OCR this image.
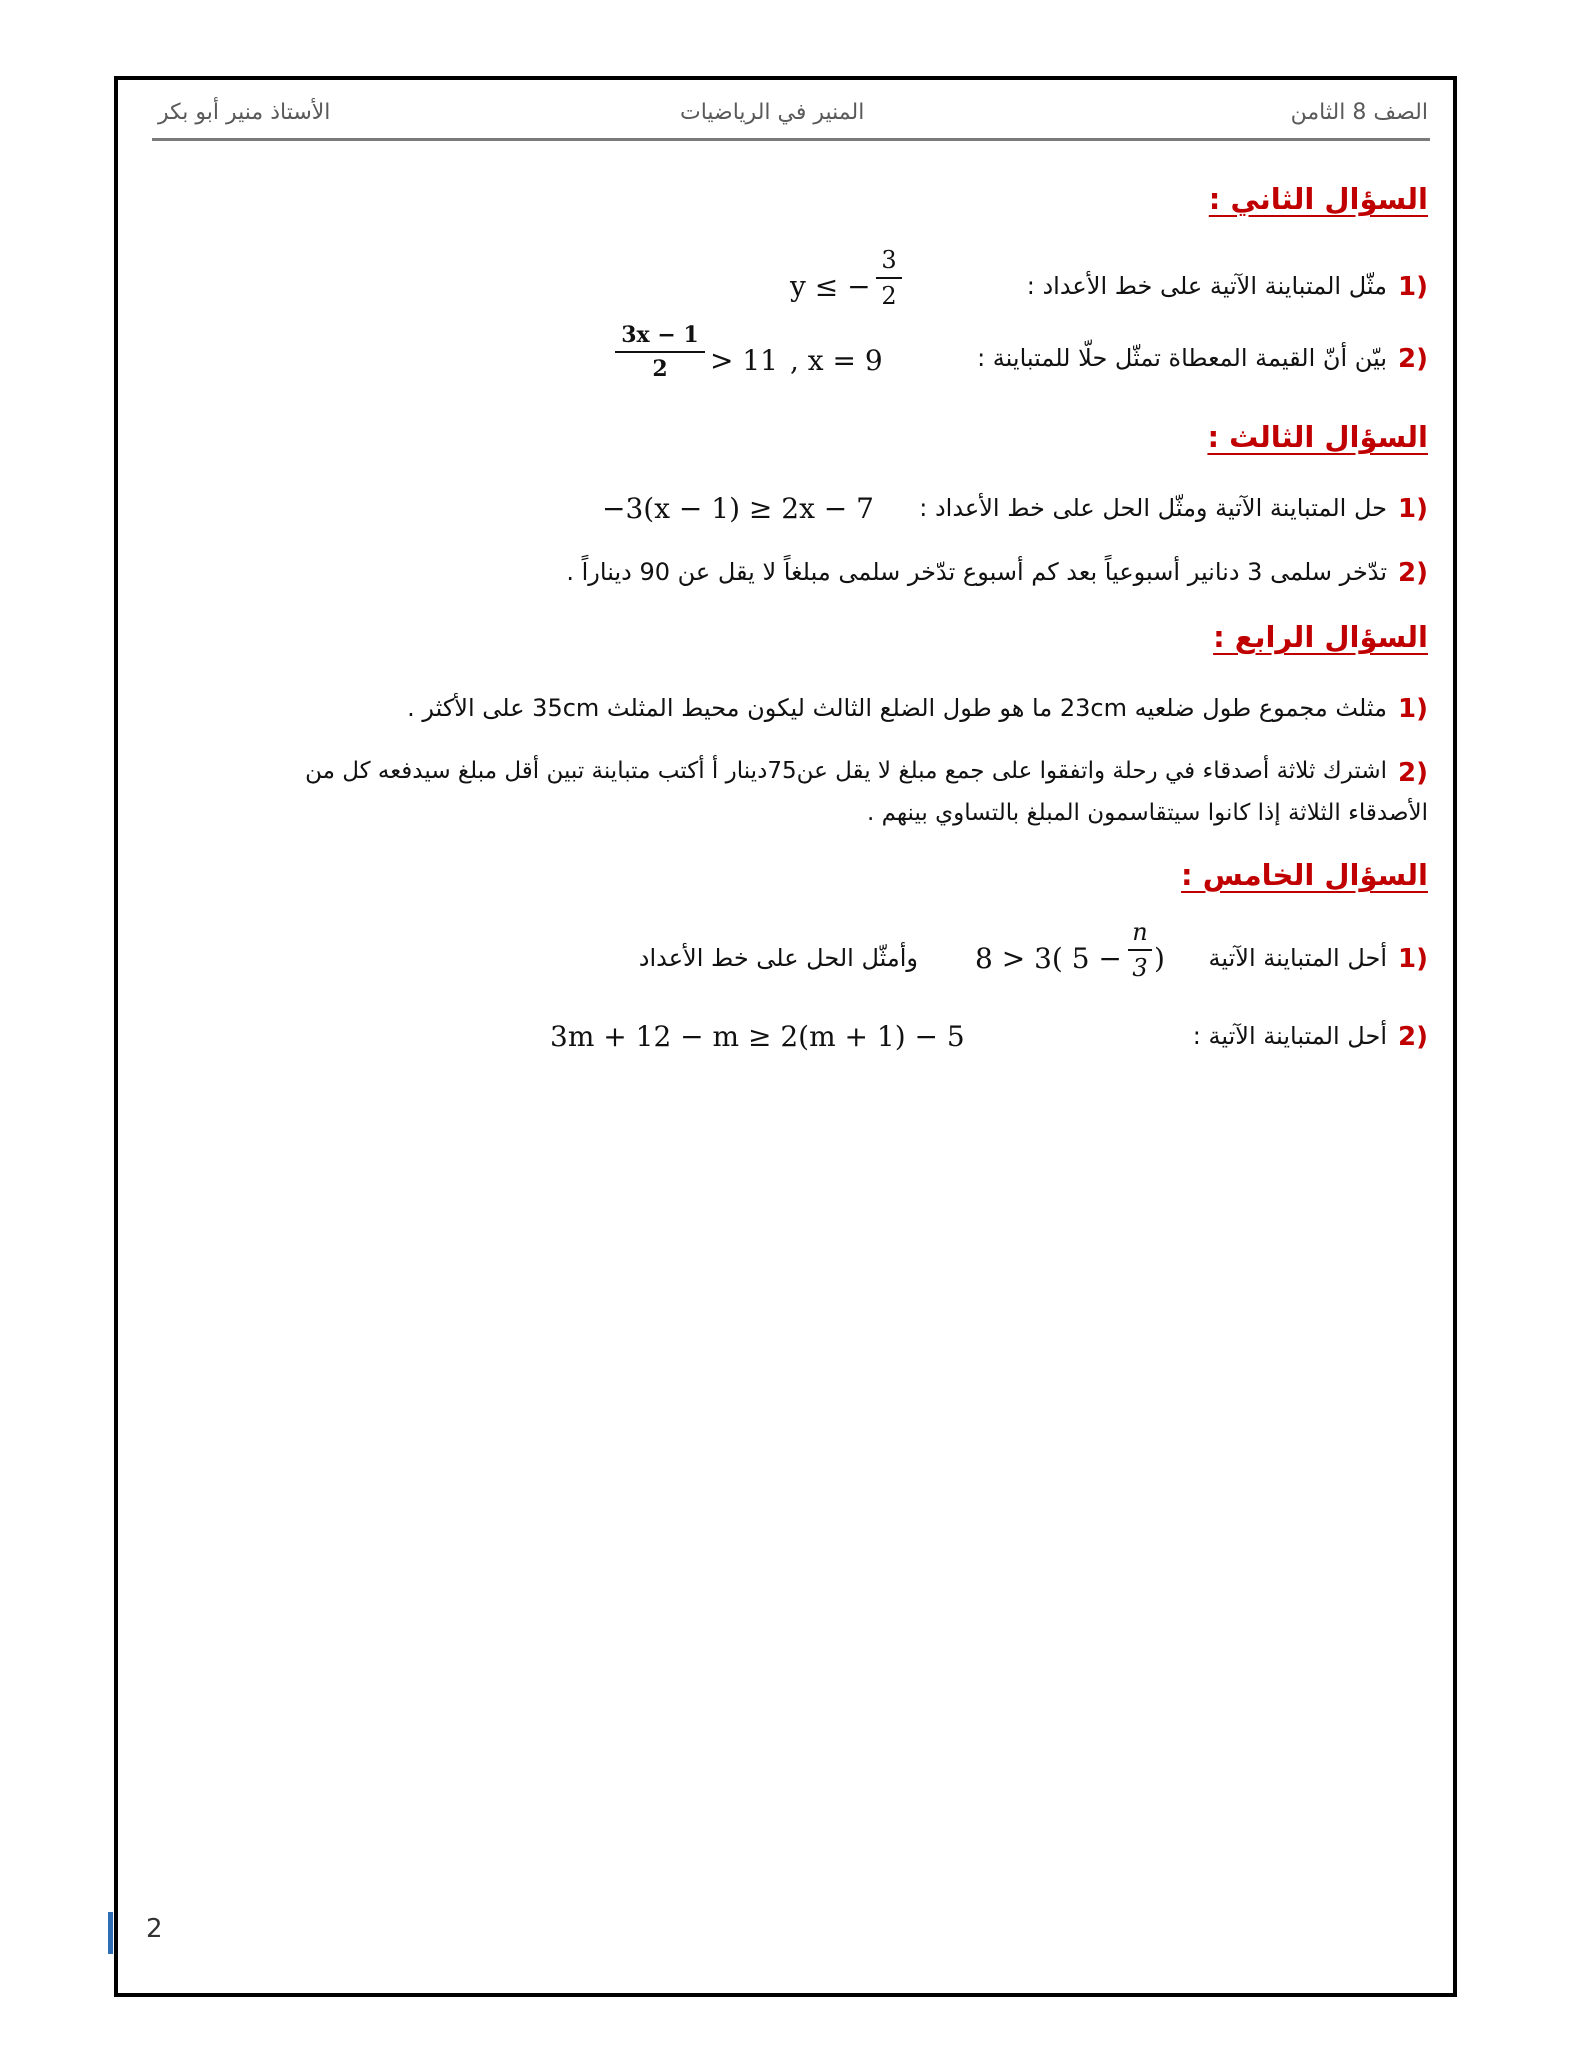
الصف 8 الثامن
المنير في الرياضيات
الأستاذ منير أبو بكر
السؤال الثاني :
1)
مثّل المتباينة الآتية على خط الأعداد :
y ≤ −
3
2
2)
بيّن أنّ القيمة المعطاة تمثّل حلّا للمتباينة :
3x − 1
2	> 11 , x = 9
السؤال الثالث :
1)
حل المتباينة الآتية ومثّل الحل على خط الأعداد :
−3(x − 1) ≥ 2x − 7
2)
تدّخر سلمى 3 دنانير أسبوعياً بعد كم أسبوع تدّخر سلمى مبلغاً لا يقل عن 90 ديناراً .
السؤال الرابع :
1)
مثلث مجموع طول ضلعيه 23cm ما هو طول الضلع الثالث ليكون محيط المثلث 35cm على الأكثر .
2)
اشترك ثلاثة أصدقاء في رحلة واتفقوا على جمع مبلغ لا يقل عن75دينار أ أكتب متباينة تبين أقل مبلغ سيدفعه كل من
الأصدقاء الثلاثة إذا كانوا سيتقاسمون المبلغ بالتساوي بينهم .
السؤال الخامس :
1)
أحل المتباينة الآتية
8 > 3( 5 −
n
3 )
وأمثّل الحل على خط الأعداد
2)
أحل المتباينة الآتية :
3m + 12 − m ≥ 2(m + 1) − 5
2
